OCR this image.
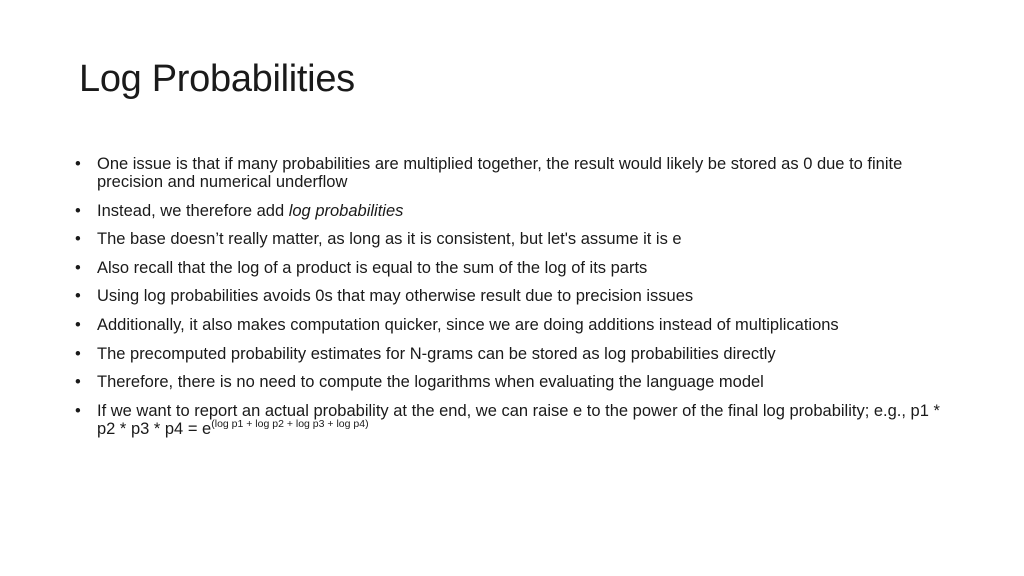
Log Probabilities
• One issue is that if many probabilities are multiplied together, the result would likely be stored as 0 due to finite precision and numerical underflow
• Instead, we therefore add log probabilities
• The base doesn’t really matter, as long as it is consistent, but let's assume it is e
• Also recall that the log of a product is equal to the sum of the log of its parts
• Using log probabilities avoids 0s that may otherwise result due to precision issues
• Additionally, it also makes computation quicker, since we are doing additions instead of multiplications
• The precomputed probability estimates for N-grams can be stored as log probabilities directly
• Therefore, there is no need to compute the logarithms when evaluating the language model
• If we want to report an actual probability at the end, we can raise e to the power of the final log probability; e.g., $p1 * p2 * p3 * p4 = e^{(log p1 + log p2 + log p3 + log p4)}$
